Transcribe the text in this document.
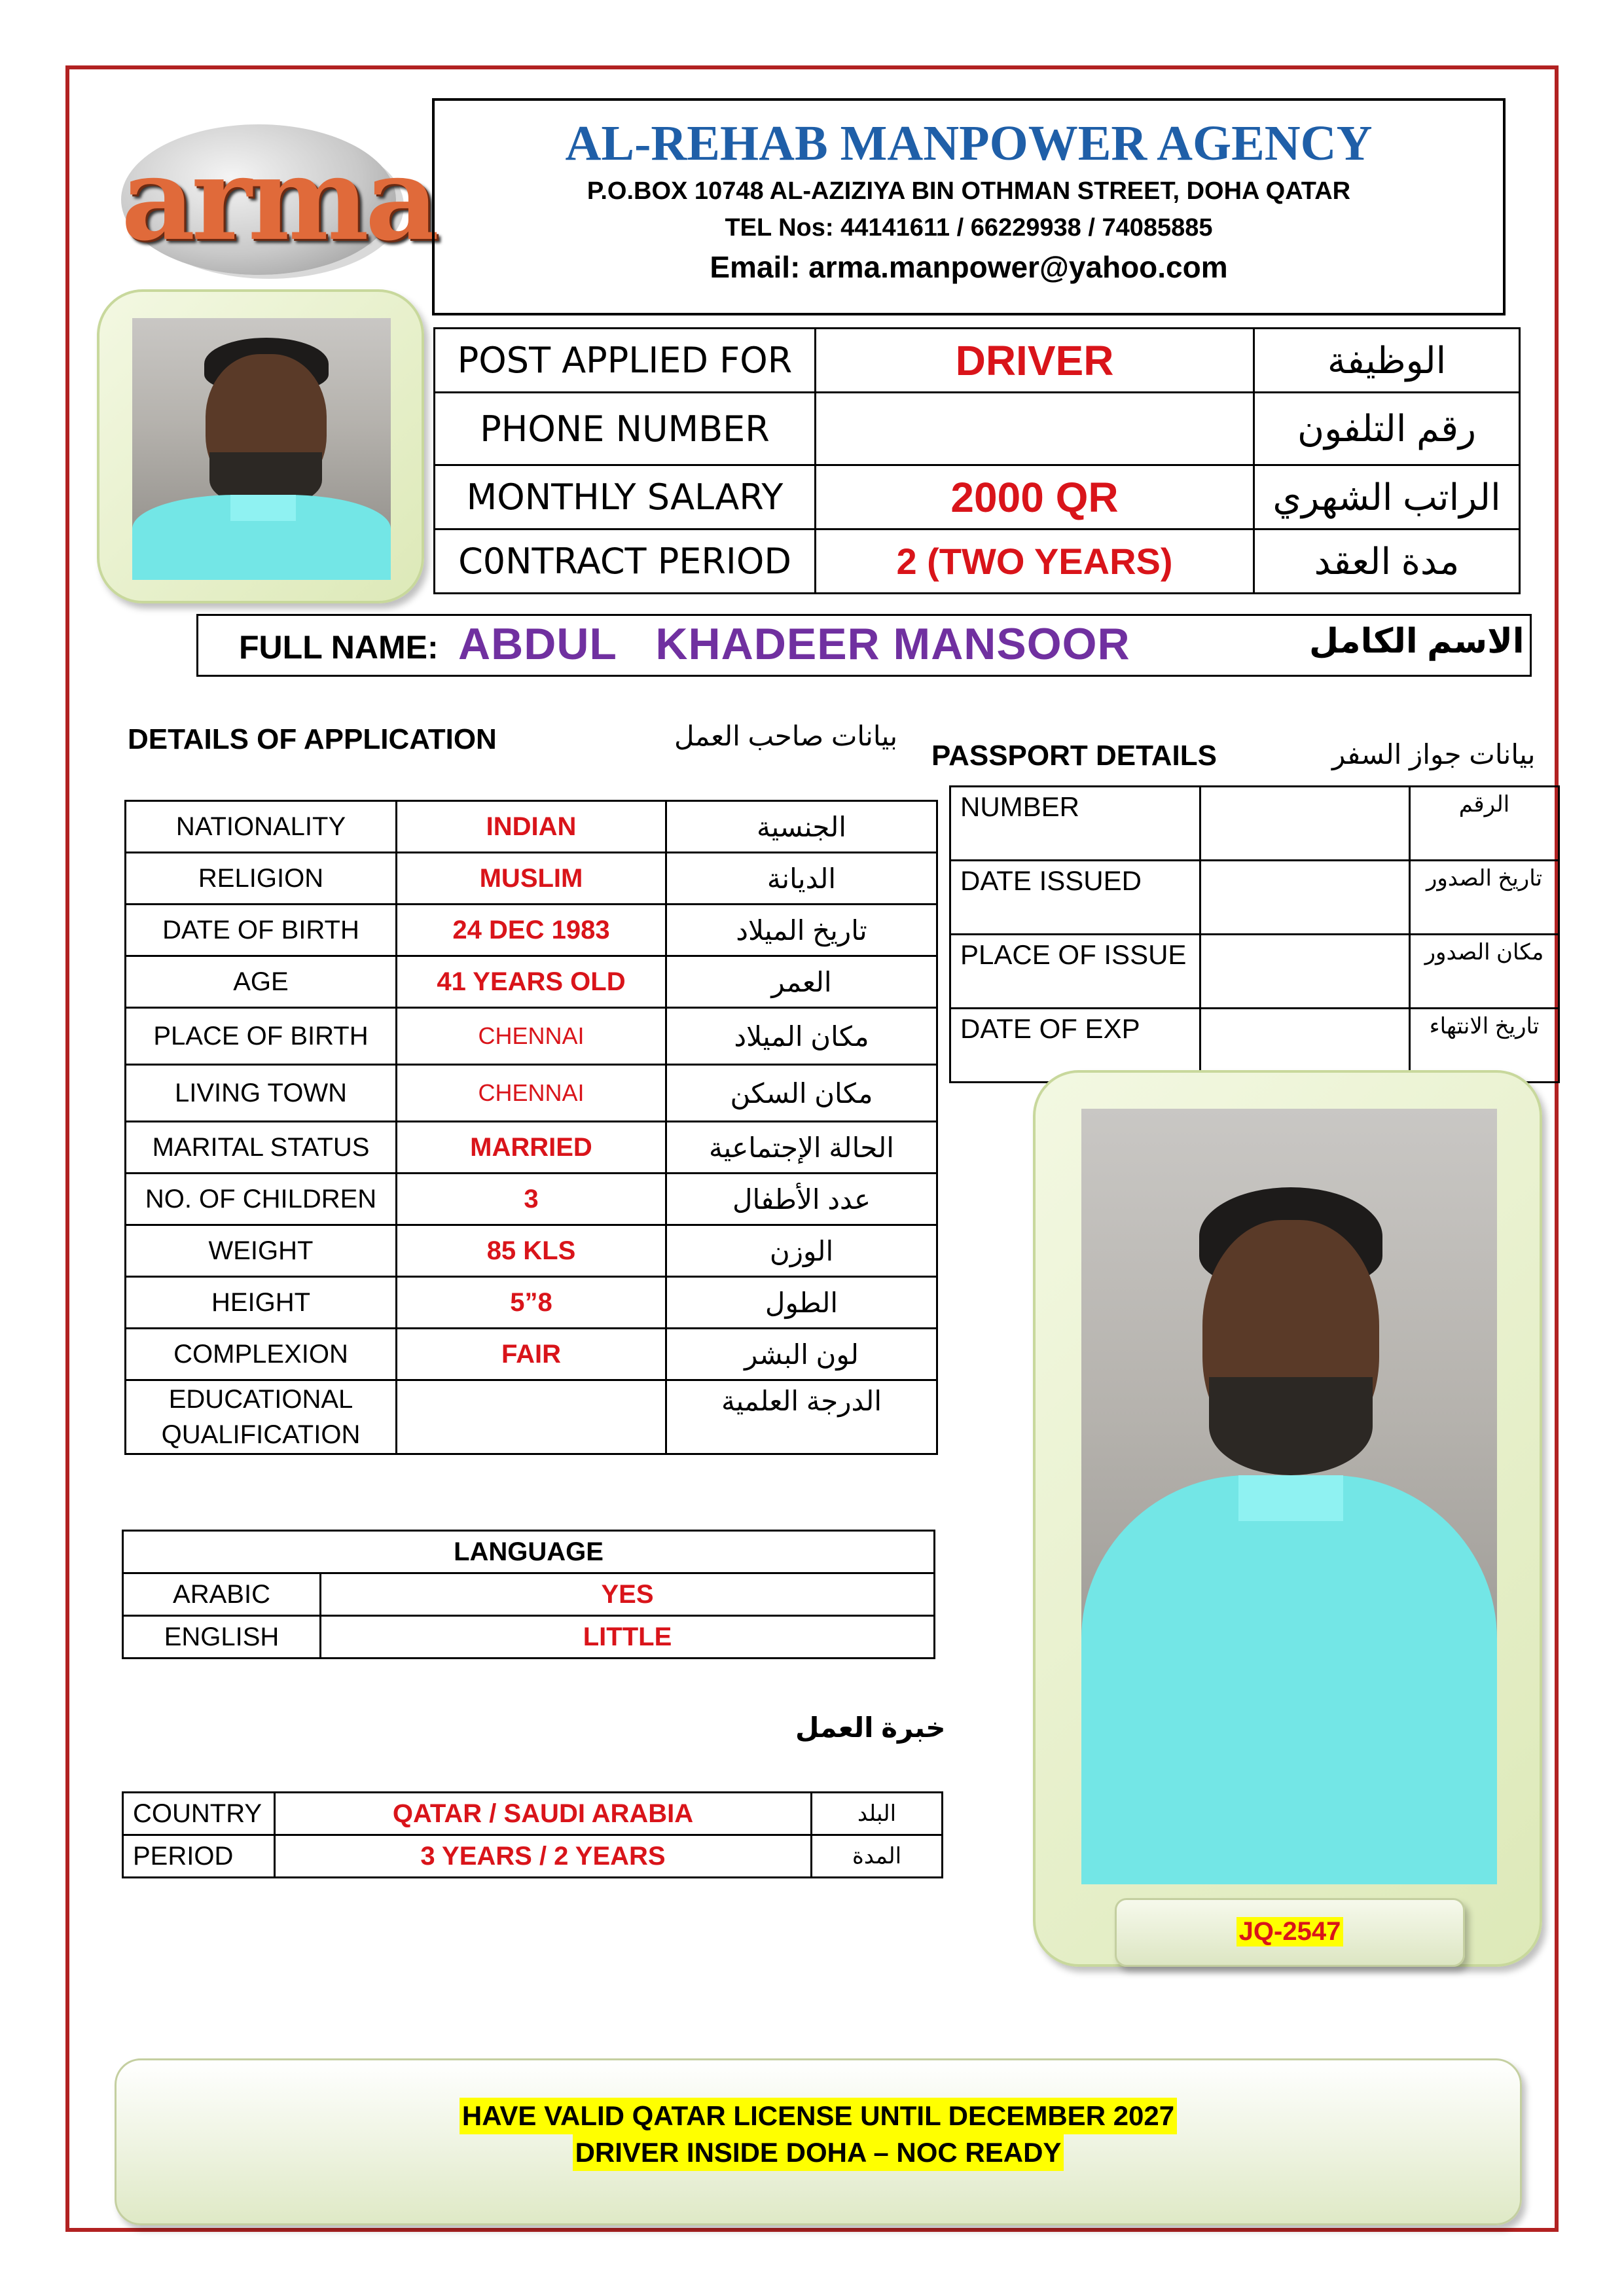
arma	AL-REHAB MANPOWER AGENCY
P.O.BOX 10748 AL-AZIZIYA BIN OTHMAN STREET, DOHA QATAR
TEL Nos: 44141611 / 66229938 / 74085885
Email: arma.manpower@yahoo.com
POST APPLIED FOR	DRIVER	الوظيفة
PHONE NUMBER		رقم التلفون
MONTHLY SALARY	2000 QR	الراتب الشهري
C0NTRACT PERIOD	2 (TWO YEARS)	مدة العقد
FULL NAME: ABDUL   KHADEER MANSOOR	الاسم الكامل
DETAILS OF APPLICATION	بيانات صاحب العمل
NATIONALITY	INDIAN	الجنسية
RELIGION	MUSLIM	الديانة
DATE OF BIRTH	24 DEC 1983	تاريخ الميلاد
AGE	41 YEARS OLD	العمر
PLACE OF BIRTH	CHENNAI	مكان الميلاد
LIVING TOWN	CHENNAI	مكان السكن
MARITAL STATUS	MARRIED	الحالة الإجتماعية
NO. OF CHILDREN	3	عدد الأطفال
WEIGHT	85 KLS	الوزن
HEIGHT	5”8	الطول
COMPLEXION	FAIR	لون البشر
EDUCATIONAL QUALIFICATION		الدرجة العلمية
PASSPORT DETAILS	بيانات جواز السفر
NUMBER		الرقم
DATE ISSUED		تاريخ الصدور
PLACE OF ISSUE		مكان الصدور
DATE OF EXP		تاريخ الانتهاء
LANGUAGE	
ARABIC	YES
ENGLISH	LITTLE
خبرة العمل
COUNTRY	QATAR / SAUDI ARABIA	البلد
PERIOD	3 YEARS / 2 YEARS	المدة
JQ-2547
HAVE VALID QATAR LICENSE UNTIL DECEMBER 2027
DRIVER INSIDE DOHA – NOC READY
